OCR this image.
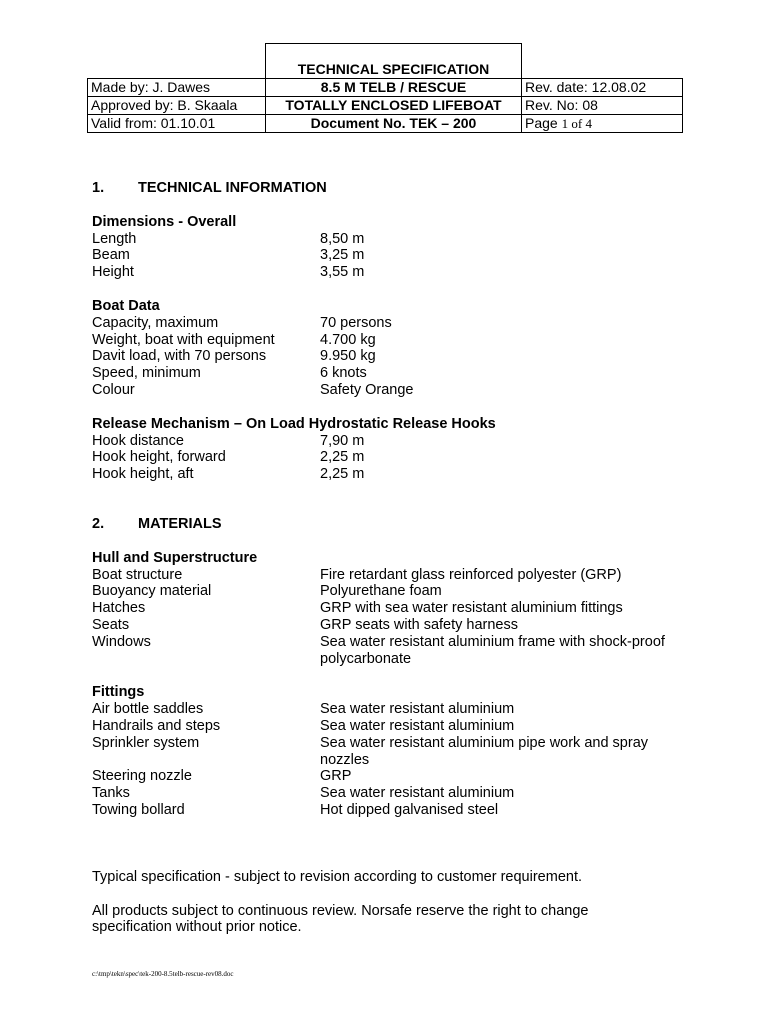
	TECHNICAL SPECIFICATION	
Made by: J. Dawes	8.5 M TELB / RESCUE	Rev. date: 12.08.02
Approved by: B. Skaala	TOTALLY ENCLOSED LIFEBOAT	Rev. No: 08
Valid from: 01.10.01	Document No. TEK – 200	Page 1 of 4
1.	TECHNICAL INFORMATION
Dimensions - Overall
Length	8,50 m
Beam	3,25 m
Height	3,55 m
Boat Data
Capacity, maximum	70 persons
Weight, boat with equipment	4.700 kg
Davit load, with 70 persons	9.950 kg
Speed, minimum	6 knots
Colour	Safety Orange
Release Mechanism – On Load Hydrostatic Release Hooks
Hook distance	7,90 m
Hook height, forward	2,25 m
Hook height, aft	2,25 m
2.	MATERIALS
Hull and Superstructure
Boat structure	Fire retardant glass reinforced polyester (GRP)
Buoyancy material	Polyurethane foam
Hatches	GRP with sea water resistant aluminium fittings
Seats	GRP seats with safety harness
Windows	Sea water resistant aluminium frame with shock-proof polycarbonate
Fittings
Air bottle saddles	Sea water resistant aluminium
Handrails and steps	Sea water resistant aluminium
Sprinkler system	Sea water resistant aluminium pipe work and spray nozzles
Steering nozzle	GRP
Tanks	Sea water resistant aluminium
Towing bollard	Hot dipped galvanised steel
Typical specification - subject to revision according to customer requirement.
All products subject to continuous review. Norsafe reserve the right to change specification without prior notice.
c:\tmp\tekn\spec\tek-200-8.5telb-rescue-rev08.doc
